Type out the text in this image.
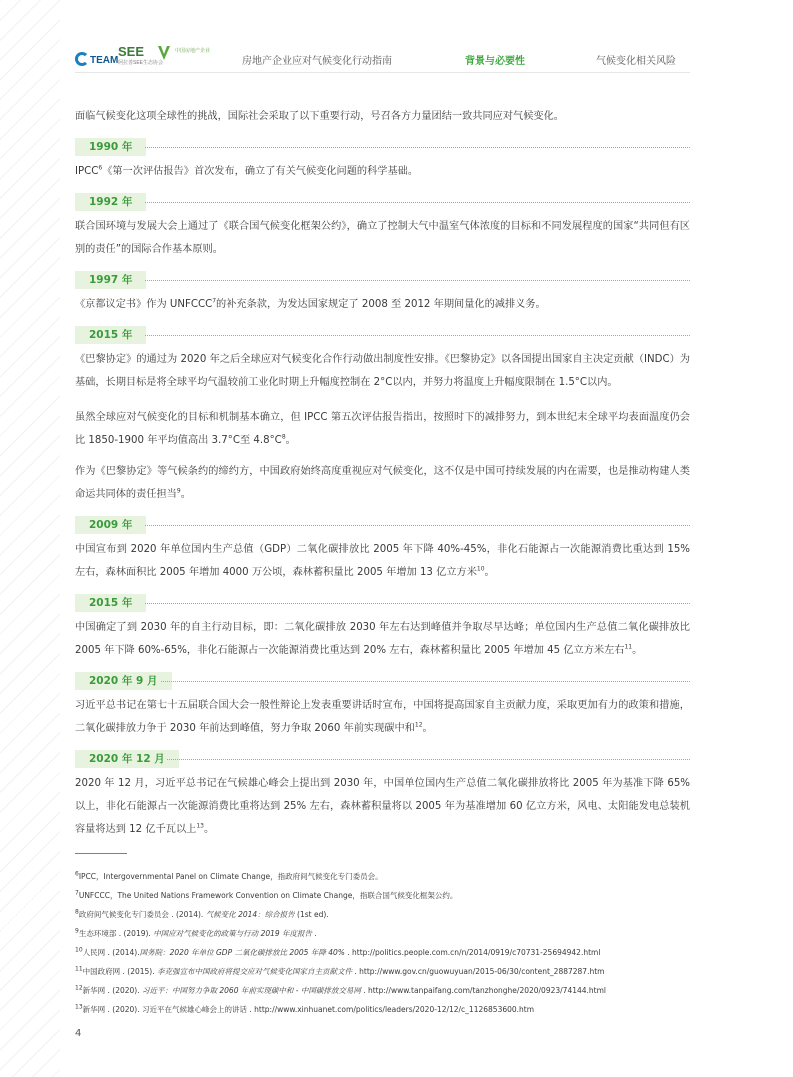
TEAM
SEE
阿拉善SEE生态协会
中国房地产企业
房地产企业应对气候变化行动指南	背景与必要性	气候变化相关风险

面临气候变化这项全球性的挑战，国际社会采取了以下重要行动，号召各方力量团结一致共同应对气候变化。

1990 年

IPCC$^6$《第一次评估报告》首次发布，确立了有关气候变化问题的科学基础。

1992 年

联合国环境与发展大会上通过了《联合国气候变化框架公约》，确立了控制大气中温室气体浓度的目标和不同发展程度的国家“共同但有区别的责任”的国际合作基本原则。

1997 年

《京都议定书》作为 UNFCCC$^7$的补充条款，为发达国家规定了 2008 至 2012 年期间量化的减排义务。

2015 年

《巴黎协定》的通过为 2020 年之后全球应对气候变化合作行动做出制度性安排。《巴黎协定》以各国提出国家自主决定贡献（INDC）为基础，长期目标是将全球平均气温较前工业化时期上升幅度控制在 2°C以内，并努力将温度上升幅度限制在 1.5°C以内。

虽然全球应对气候变化的目标和机制基本确立，但 IPCC 第五次评估报告指出，按照时下的减排努力，到本世纪末全球平均表面温度仍会比 1850-1900 年平均值高出 3.7°C至 $4.8^\circ C^8$。

作为《巴黎协定》等气候条约的缔约方，中国政府始终高度重视应对气候变化，这不仅是中国可持续发展的内在需要，也是推动构建人类命运共同体的责任担当$^9$。

2009 年

中国宣布到 2020 年单位国内生产总值（GDP）二氧化碳排放比 2005 年下降 40%-45%，非化石能源占一次能源消费比重达到 15% 左右，森林面积比 2005 年增加 4000 万公顷，森林蓄积量比 2005 年增加 13 亿立方米$^{10}$。

2015 年

中国确定了到 2030 年的自主行动目标，即：二氧化碳排放 2030 年左右达到峰值并争取尽早达峰；单位国内生产总值二氧化碳排放比 2005 年下降 60%-65%，非化石能源占一次能源消费比重达到 20% 左右，森林蓄积量比 2005 年增加 45 亿立方米左右$^{11}$。

2020 年 9 月

习近平总书记在第七十五届联合国大会一般性辩论上发表重要讲话时宣布，中国将提高国家自主贡献力度，采取更加有力的政策和措施，二氧化碳排放力争于 2030 年前达到峰值，努力争取 2060 年前实现碳中和$^{12}$。

2020 年 12 月

2020 年 12 月，习近平总书记在气候雄心峰会上提出到 2030 年，中国单位国内生产总值二氧化碳排放将比 2005 年为基准下降 65% 以上，非化石能源占一次能源消费比重将达到 25% 左右，森林蓄积量将以 2005 年为基准增加 60 亿立方米，风电、太阳能发电总装机容量将达到 12 亿千瓦以上$^{13}$。

$^6$IPCC，Intergovernmental Panel on Climate Change，指政府间气候变化专门委员会。
$^7$UNFCCC，The United Nations Framework Convention on Climate Change，指联合国气候变化框架公约。
$^8$政府间气候变化专门委员会 . (2014). 气候变化 2014：综合报告 (1st ed).
$^9$生态环境部 . (2019). 中国应对气候变化的政策与行动 2019 年度报告 .
$^{10}$人民网 . (2014).国务院：2020 年单位 GDP 二氧化碳排放比 2005 年降 40% . http://politics.people.com.cn/n/2014/0919/c70731-25694942.html
$^{11}$中国政府网 . (2015). 李克强宣布中国政府将提交应对气候变化国家自主贡献文件 . http://www.gov.cn/guowuyuan/2015-06/30/content_2887287.htm
$^{12}$新华网 . (2020). 习近平：中国努力争取 2060 年前实现碳中和 - 中国碳排放交易网 . http://www.tanpaifang.com/tanzhonghe/2020/0923/74144.html
$^{13}$新华网 . (2020). 习近平在气候雄心峰会上的讲话 . http://www.xinhuanet.com/politics/leaders/2020-12/12/c_1126853600.htm
4
